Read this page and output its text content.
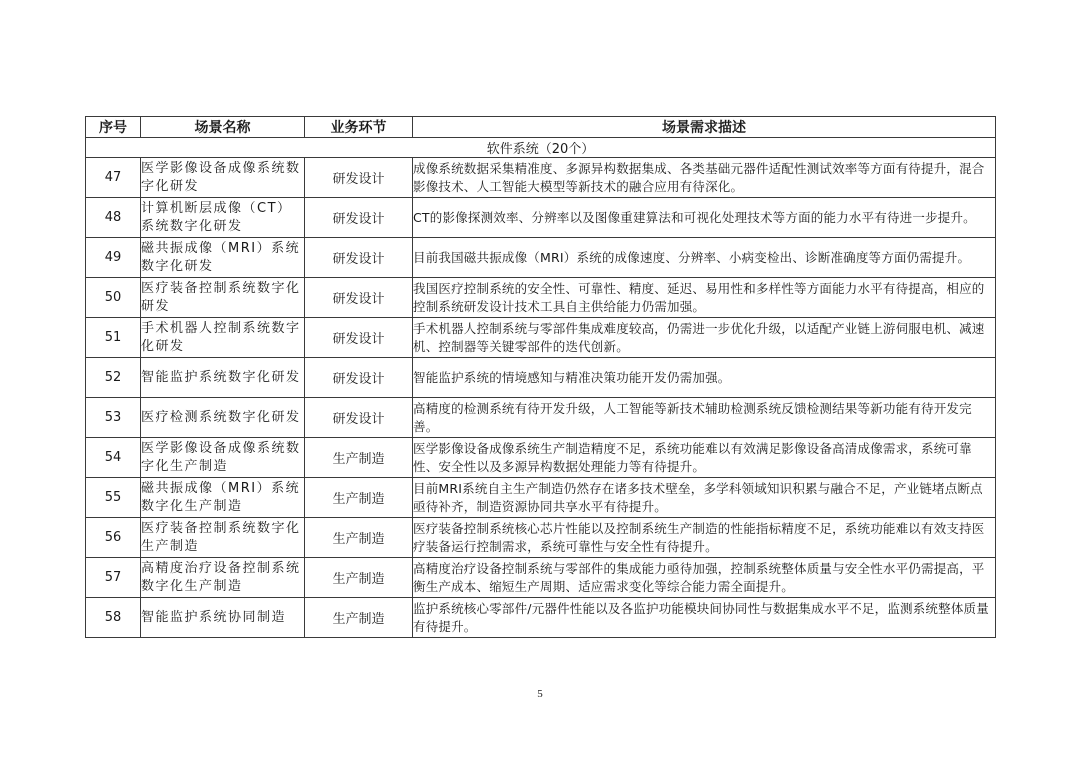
序号	场景名称	业务环节	场景需求描述
软件系统（20个）			
47	医学影像设备成像系统数字化研发	研发设计	成像系统数据采集精准度、多源异构数据集成、各类基础元器件适配性测试效率等方面有待提升，混合影像技术、人工智能大模型等新技术的融合应用有待深化。
48	计算机断层成像（CT）系统数字化研发	研发设计	CT的影像探测效率、分辨率以及图像重建算法和可视化处理技术等方面的能力水平有待进一步提升。
49	磁共振成像（MRI）系统数字化研发	研发设计	目前我国磁共振成像（MRI）系统的成像速度、分辨率、小病变检出、诊断准确度等方面仍需提升。
50	医疗装备控制系统数字化研发	研发设计	我国医疗控制系统的安全性、可靠性、精度、延迟、易用性和多样性等方面能力水平有待提高，相应的控制系统研发设计技术工具自主供给能力仍需加强。
51	手术机器人控制系统数字化研发	研发设计	手术机器人控制系统与零部件集成难度较高，仍需进一步优化升级，以适配产业链上游伺服电机、减速机、控制器等关键零部件的迭代创新。
52	智能监护系统数字化研发	研发设计	智能监护系统的情境感知与精准决策功能开发仍需加强。
53	医疗检测系统数字化研发	研发设计	高精度的检测系统有待开发升级，人工智能等新技术辅助检测系统反馈检测结果等新功能有待开发完善。
54	医学影像设备成像系统数字化生产制造	生产制造	医学影像设备成像系统生产制造精度不足，系统功能难以有效满足影像设备高清成像需求，系统可靠性、安全性以及多源异构数据处理能力等有待提升。
55	磁共振成像（MRI）系统数字化生产制造	生产制造	目前MRI系统自主生产制造仍然存在诸多技术壁垒，多学科领域知识积累与融合不足，产业链堵点断点亟待补齐，制造资源协同共享水平有待提升。
56	医疗装备控制系统数字化生产制造	生产制造	医疗装备控制系统核心芯片性能以及控制系统生产制造的性能指标精度不足，系统功能难以有效支持医疗装备运行控制需求，系统可靠性与安全性有待提升。
57	高精度治疗设备控制系统数字化生产制造	生产制造	高精度治疗设备控制系统与零部件的集成能力亟待加强，控制系统整体质量与安全性水平仍需提高，平衡生产成本、缩短生产周期、适应需求变化等综合能力需全面提升。
58	智能监护系统协同制造	生产制造	监护系统核心零部件/元器件性能以及各监护功能模块间协同性与数据集成水平不足，监测系统整体质量有待提升。
5
